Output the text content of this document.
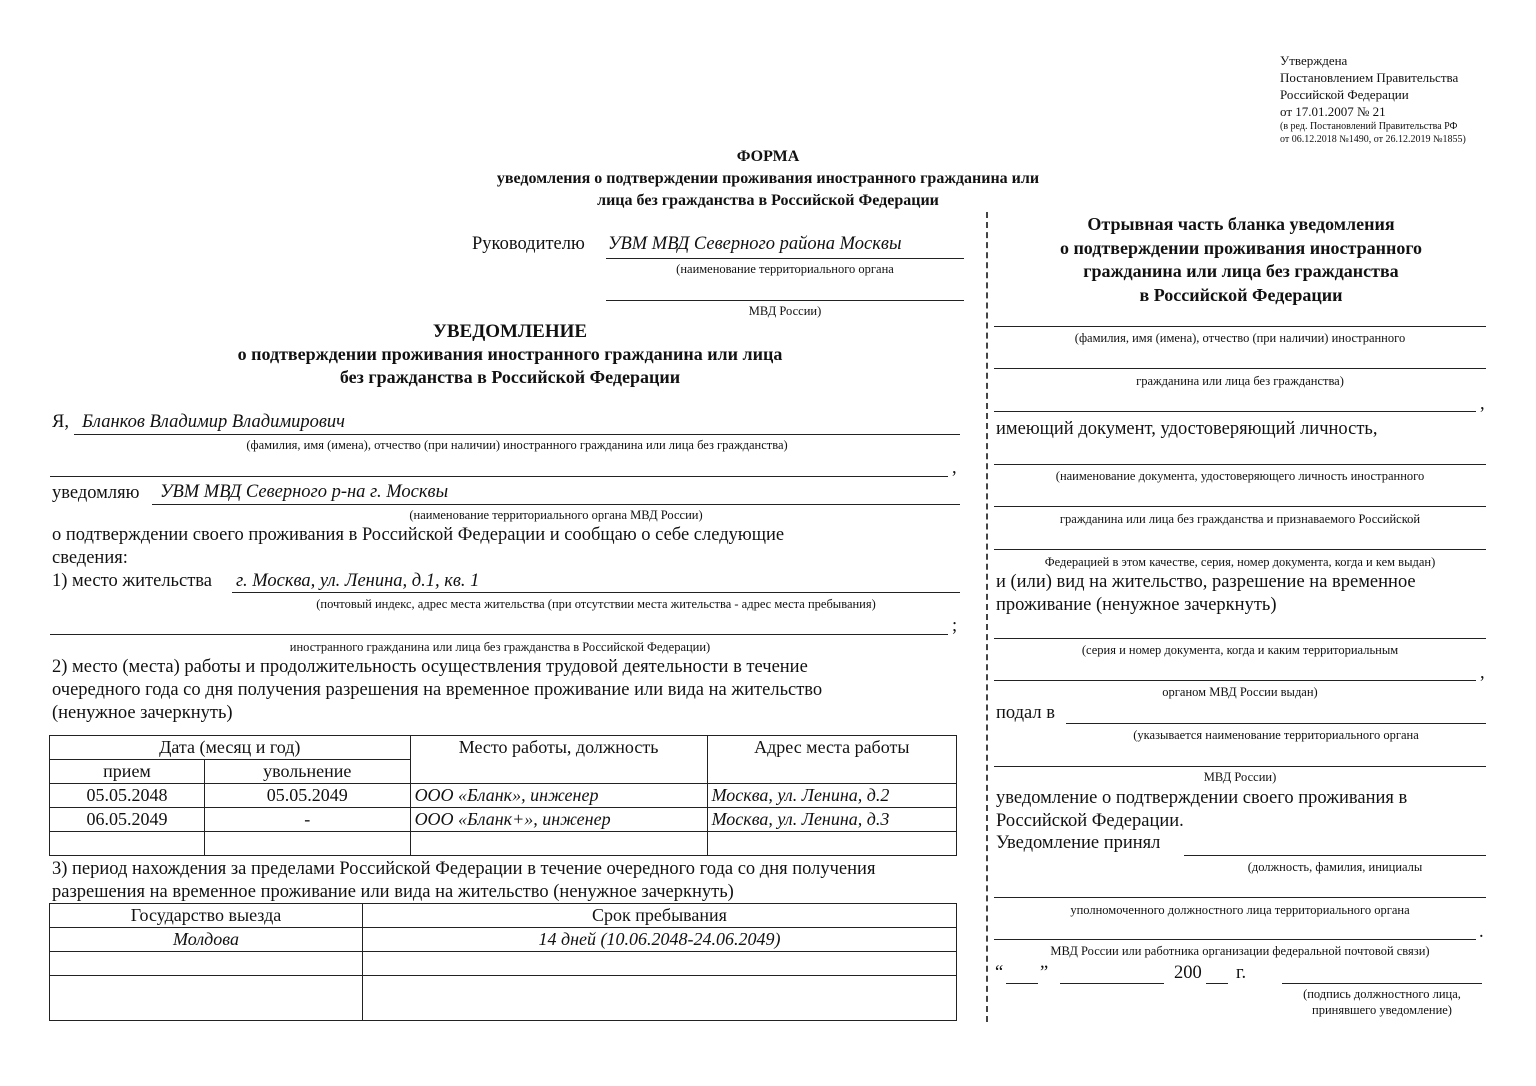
Утверждена
Постановлением Правительства
Российской Федерации
от 17.01.2007 № 21
(в ред. Постановлений Правительства РФ
от 06.12.2018 №1490, от 26.12.2019 №1855)
ФОРМА
уведомления о подтверждении проживания иностранного гражданина или
лица без гражданства в Российской Федерации
Руководителю УВМ МВД Северного района Москвы
(наименование территориального органа
МВД России)
УВЕДОМЛЕНИЕ
о подтверждении проживания иностранного гражданина или лица
без гражданства в Российской Федерации
Я, Бланков Владимир Владимирович
(фамилия, имя (имена), отчество (при наличии) иностранного гражданина или лица без гражданства)
,
уведомляю УВМ МВД Северного р-на г. Москвы
(наименование территориального органа МВД России)
о подтверждении своего проживания в Российской Федерации и сообщаю о себе следующие
сведения:
1) место жительства г. Москва, ул. Ленина, д.1, кв. 1
(почтовый индекс, адрес места жительства (при отсутствии места жительства - адрес места пребывания)
;
иностранного гражданина или лица без гражданства в Российской Федерации)
2) место (места) работы и продолжительность осуществления трудовой деятельности в течение
очередного года со дня получения разрешения на временное проживание или вида на жительство
(ненужное зачеркнуть)
Дата (месяц и год)		Место работы, должность	Адрес места работы
прием	увольнение		
05.05.2048	05.05.2049	ООО «Бланк», инженер	Москва, ул. Ленина, д.2
06.05.2049	-	ООО «Бланк+», инженер	Москва, ул. Ленина, д.3

3) период нахождения за пределами Российской Федерации в течение очередного года со дня получения
разрешения на временное проживание или вида на жительство (ненужное зачеркнуть)
Государство выезда	Срок пребывания
Молдова	14 дней (10.06.2048-24.06.2049)

Отрывная часть бланка уведомления
о подтверждении проживания иностранного
гражданина или лица без гражданства
в Российской Федерации
(фамилия, имя (имена), отчество (при наличии) иностранного
гражданина или лица без гражданства)
,
имеющий документ, удостоверяющий личность,
(наименование документа, удостоверяющего личность иностранного
гражданина или лица без гражданства и признаваемого Российской
Федерацией в этом качестве, серия, номер документа, когда и кем выдан)
и (или) вид на жительство, разрешение на временное
проживание (ненужное зачеркнуть)
(серия и номер документа, когда и каким территориальным
,
органом МВД России выдан)
подал в
(указывается наименование территориального органа
МВД России)
уведомление о подтверждении своего проживания в
Российской Федерации.
Уведомление принял
(должность, фамилия, инициалы
уполномоченного должностного лица территориального органа
.
МВД России или работника организации федеральной почтовой связи)
“ ”	200 г.
(подпись должностного лица,
принявшего уведомление)
